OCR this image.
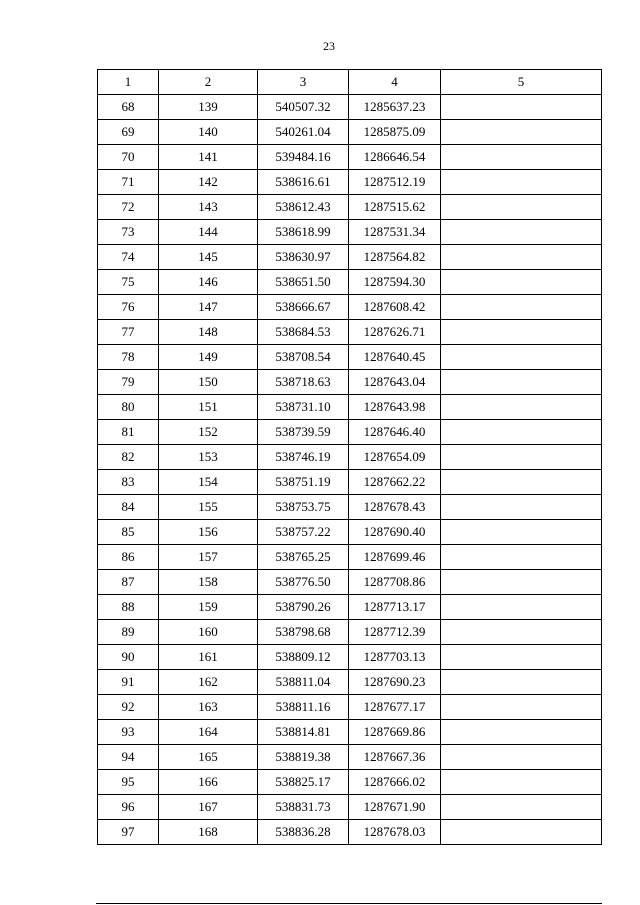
23
1	2	3	4	5
68	139	540507.32	1285637.23	
69	140	540261.04	1285875.09	
70	141	539484.16	1286646.54	
71	142	538616.61	1287512.19	
72	143	538612.43	1287515.62	
73	144	538618.99	1287531.34	
74	145	538630.97	1287564.82	
75	146	538651.50	1287594.30	
76	147	538666.67	1287608.42	
77	148	538684.53	1287626.71	
78	149	538708.54	1287640.45	
79	150	538718.63	1287643.04	
80	151	538731.10	1287643.98	
81	152	538739.59	1287646.40	
82	153	538746.19	1287654.09	
83	154	538751.19	1287662.22	
84	155	538753.75	1287678.43	
85	156	538757.22	1287690.40	
86	157	538765.25	1287699.46	
87	158	538776.50	1287708.86	
88	159	538790.26	1287713.17	
89	160	538798.68	1287712.39	
90	161	538809.12	1287703.13	
91	162	538811.04	1287690.23	
92	163	538811.16	1287677.17	
93	164	538814.81	1287669.86	
94	165	538819.38	1287667.36	
95	166	538825.17	1287666.02	
96	167	538831.73	1287671.90	
97	168	538836.28	1287678.03	
